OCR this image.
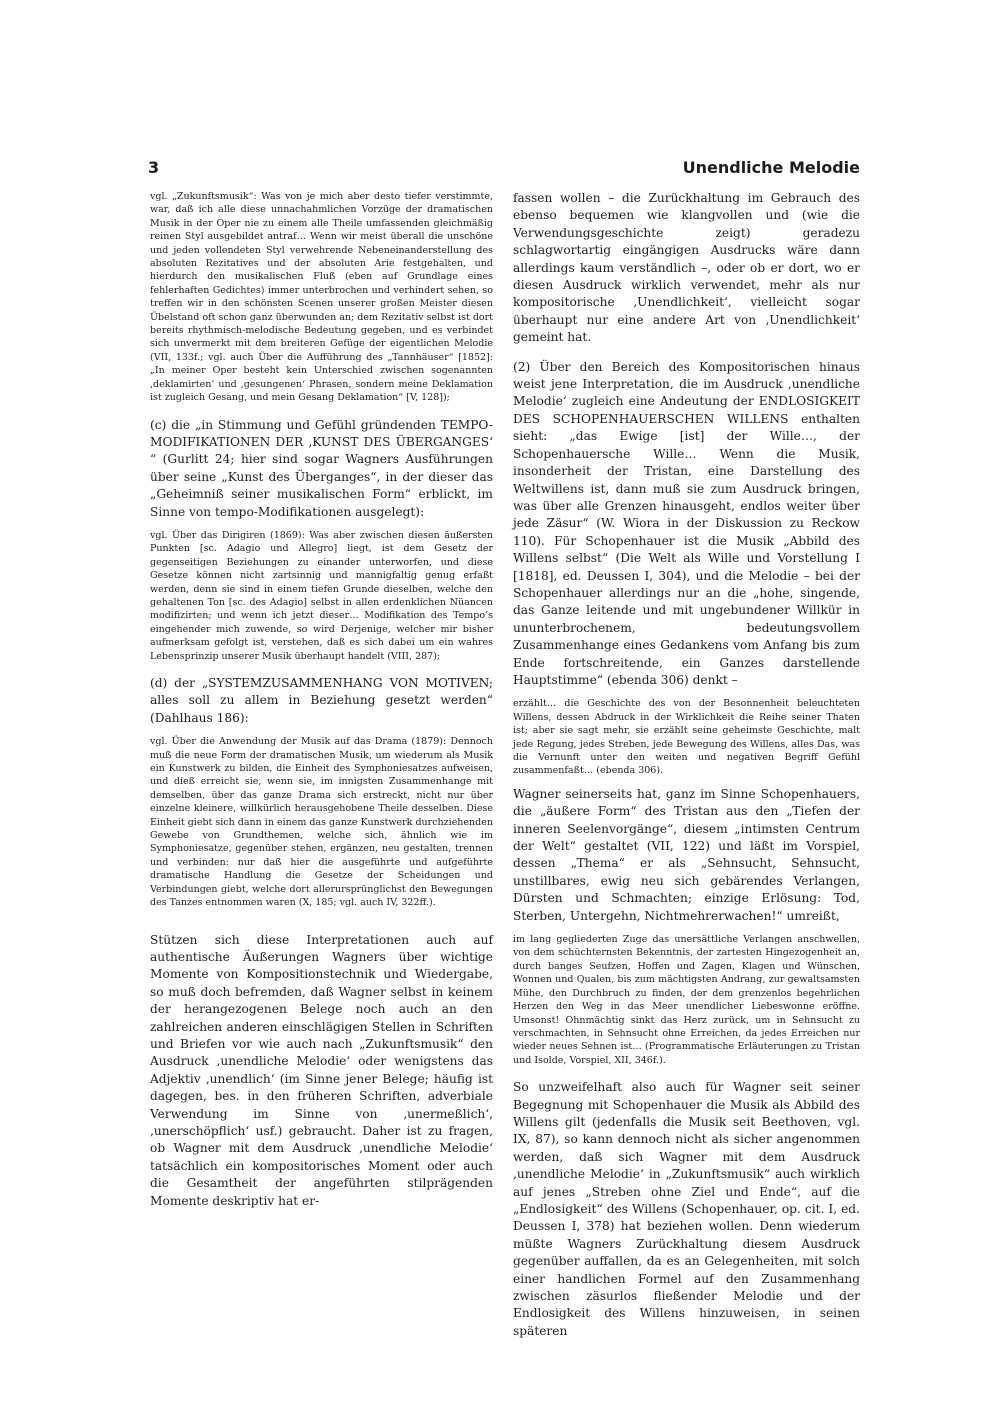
3	Unendliche Melodie

vgl. „Zukunftsmusik“: Was von je mich aber desto tiefer verstimmte, war, daß ich alle diese unnachahmlichen Vorzüge der dramatischen Musik in der Oper nie zu einem alle Theile umfassenden gleichmäßig reinen Styl ausgebildet antraf… Wenn wir meist überall die unschöne und jeden vollendeten Styl verwehrende Nebeneinanderstellung des absoluten Rezitatives und der absoluten Arie festgehalten, und hierdurch den musikalischen Fluß (eben auf Grundlage eines fehlerhaften Gedichtes) immer unterbrochen und verhindert sehen, so treffen wir in den schönsten Scenen unserer großen Meister diesen Übelstand oft schon ganz überwunden an; dem Rezitativ selbst ist dort bereits rhythmisch-melodische Bedeutung gegeben, und es verbindet sich unvermerkt mit dem breiteren Gefüge der eigentlichen Melodie (VII, 133f.; vgl. auch Über die Aufführung des „Tannhäuser“ [1852]: „In meiner Oper besteht kein Unterschied zwischen sogenannten ‚deklamirten‘ und ‚gesungenen‘ Phrasen, sondern meine Deklamation ist zugleich Gesang, und mein Gesang Deklamation“ [V, 128]);

(c) die „in Stimmung und Gefühl gründenden TEMPO-MODIFIKATIONEN DER ‚KUNST DES ÜBERGANGES‘ “ (Gurlitt 24; hier sind sogar Wagners Ausführungen über seine „Kunst des Überganges“, in der dieser das „Geheimniß seiner musikalischen Form“ erblickt, im Sinne von tempo-Modifikationen ausgelegt):

vgl. Über das Dirigiren (1869): Was aber zwischen diesen äußersten Punkten [sc. Adagio und Allegro] liegt, ist dem Gesetz der gegenseitigen Beziehungen zu einander unterworfen, und diese Gesetze können nicht zartsinnig und mannigfaltig genug erfaßt werden, denn sie sind in einem tiefen Grunde dieselben, welche den gehaltenen Ton [sc. des Adagio] selbst in allen erdenklichen Nüancen modifizirten; und wenn ich jetzt dieser… Modifikation des Tempo’s eingehender mich zuwende, so wird Derjenige, welcher mir bisher aufmerksam gefolgt ist, verstehen, daß es sich dabei um ein wahres Lebensprinzip unserer Musik überhaupt handelt (VIII, 287);

(d) der „SYSTEMZUSAMMENHANG VON MOTIVEN; alles soll zu allem in Beziehung gesetzt werden“ (Dahlhaus 186):

vgl. Über die Anwendung der Musik auf das Drama (1879): Dennoch muß die neue Form der dramatischen Musik, um wiederum als Musik ein Kunstwerk zu bilden, die Einheit des Symphoniesatzes aufweisen, und dieß erreicht sie, wenn sie, im innigsten Zusammenhange mit demselben, über das ganze Drama sich erstreckt, nicht nur über einzelne kleinere, willkürlich herausgehobene Theile desselben. Diese Einheit giebt sich dann in einem das ganze Kunstwerk durchziehenden Gewebe von Grundthemen, welche sich, ähnlich wie im Symphoniesatze, gegenüber stehen, ergänzen, neu gestalten, trennen und verbinden: nur daß hier die ausgeführte und aufgeführte dramatische Handlung die Gesetze der Scheidungen und Verbindungen giebt, welche dort allerursprünglichst den Bewegungen des Tanzes entnommen waren (X, 185; vgl. auch IV, 322ff.).

Stützen sich diese Interpretationen auch auf authentische Äußerungen Wagners über wichtige Momente von Kompositionstechnik und Wiedergabe, so muß doch befremden, daß Wagner selbst in keinem der herangezogenen Belege noch auch an den zahlreichen anderen einschlägigen Stellen in Schriften und Briefen vor wie auch nach „Zukunftsmusik“ den Ausdruck ‚unendliche Melodie‘ oder wenigstens das Adjektiv ‚unendlich‘ (im Sinne jener Belege; häufig ist dagegen, bes. in den früheren Schriften, adverbiale Verwendung im Sinne von ‚unermeßlich‘, ‚unerschöpflich‘ usf.) gebraucht. Daher ist zu fragen, ob Wagner mit dem Ausdruck ‚unendliche Melodie‘ tatsächlich ein kompositorisches Moment oder auch die Gesamtheit der angeführten stilprägenden Momente deskriptiv hat er-

fassen wollen – die Zurückhaltung im Gebrauch des ebenso bequemen wie klangvollen und (wie die Verwendungsgeschichte zeigt) geradezu schlagwortartig eingängigen Ausdrucks wäre dann allerdings kaum verständlich –, oder ob er dort, wo er diesen Ausdruck wirklich verwendet, mehr als nur kompositorische ‚Unendlichkeit‘, vielleicht sogar überhaupt nur eine andere Art von ‚Unendlichkeit‘ gemeint hat.

(2) Über den Bereich des Kompositorischen hinaus weist jene Interpretation, die im Ausdruck ‚unendliche Melodie‘ zugleich eine Andeutung der ENDLOSIGKEIT DES SCHOPENHAUERSCHEN WILLENS enthalten sieht: „das Ewige [ist] der Wille…, der Schopenhauersche Wille… Wenn die Musik, insonderheit der Tristan, eine Darstellung des Weltwillens ist, dann muß sie zum Ausdruck bringen, was über alle Grenzen hinausgeht, endlos weiter über jede Zäsur“ (W. Wiora in der Diskussion zu Reckow 110). Für Schopenhauer ist die Musik „Abbild des Willens selbst“ (Die Welt als Wille und Vorstellung I [1818], ed. Deussen I, 304), und die Melodie – bei der Schopenhauer allerdings nur an die „hohe, singende, das Ganze leitende und mit ungebundener Willkür in ununterbrochenem, bedeutungsvollem Zusammenhange eines Gedankens vom Anfang bis zum Ende fortschreitende, ein Ganzes darstellende Hauptstimme“ (ebenda 306) denkt –

erzählt… die Geschichte des von der Besonnenheit beleuchteten Willens, dessen Abdruck in der Wirklichkeit die Reihe seiner Thaten ist; aber sie sagt mehr, sie erzählt seine geheimste Geschichte, malt jede Regung, jedes Streben, jede Bewegung des Willens, alles Das, was die Vernunft unter den weiten und negativen Begriff Gefühl zusammenfaßt… (ebenda 306).

Wagner seinerseits hat, ganz im Sinne Schopenhauers, die „äußere Form“ des Tristan aus den „Tiefen der inneren Seelenvorgänge“, diesem „intimsten Centrum der Welt“ gestaltet (VII, 122) und läßt im Vorspiel, dessen „Thema“ er als „Sehnsucht, Sehnsucht, unstillbares, ewig neu sich gebärendes Verlangen, Dürsten und Schmachten; einzige Erlösung: Tod, Sterben, Untergehn, Nichtmehrerwachen!“ umreißt,

im lang gegliederten Zuge das unersättliche Verlangen anschwellen, von dem schüchternsten Bekenntnis, der zartesten Hingezogenheit an, durch banges Seufzen, Hoffen und Zagen, Klagen und Wünschen, Wonnen und Qualen, bis zum mächtigsten Andrang, zur gewaltsamsten Mühe, den Durchbruch zu finden, der dem grenzenlos begehrlichen Herzen den Weg in das Meer unendlicher Liebeswonne eröffne. Umsonst! Ohnmächtig sinkt das Herz zurück, um in Sehnsucht zu verschmachten, in Sehnsucht ohne Erreichen, da jedes Erreichen nur wieder neues Sehnen ist… (Programmatische Erläuterungen zu Tristan und Isolde, Vorspiel, XII, 346f.).

So unzweifelhaft also auch für Wagner seit seiner Begegnung mit Schopenhauer die Musik als Abbild des Willens gilt (jedenfalls die Musik seit Beethoven, vgl. IX, 87), so kann dennoch nicht als sicher angenommen werden, daß sich Wagner mit dem Ausdruck ‚unendliche Melodie‘ in „Zukunftsmusik“ auch wirklich auf jenes „Streben ohne Ziel und Ende“, auf die „Endlosigkeit“ des Willens (Schopenhauer, op. cit. I, ed. Deussen I, 378) hat beziehen wollen. Denn wiederum müßte Wagners Zurückhaltung diesem Ausdruck gegenüber auffallen, da es an Gelegenheiten, mit solch einer handlichen Formel auf den Zusammenhang zwischen zäsurlos fließender Melodie und der Endlosigkeit des Willens hinzuweisen, in seinen späteren
